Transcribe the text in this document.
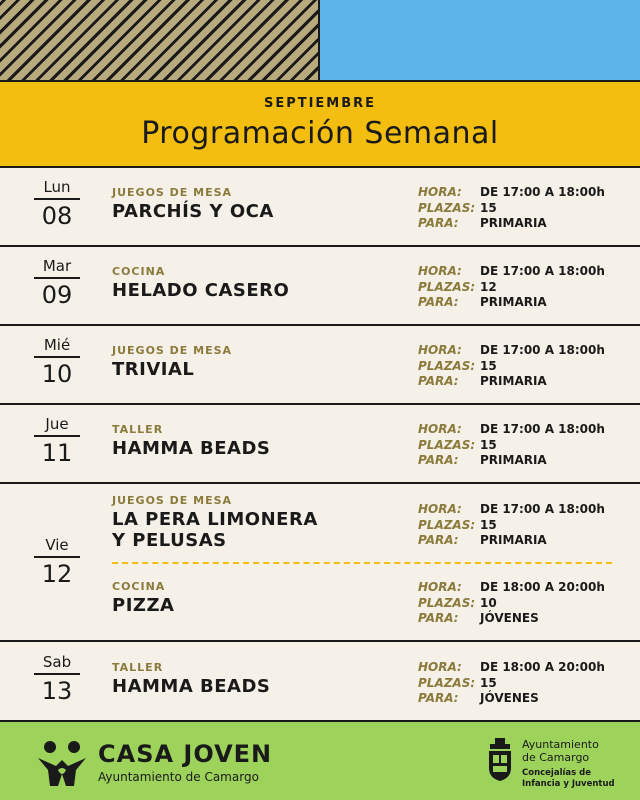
SEPTIEMBRE
Programación Semanal
Lun
08
JUEGOS DE MESA
PARCHÍS Y OCA
HORA: DE 17:00 A 18:00h
PLAZAS: 15
PARA: PRIMARIA
Mar
09
COCINA
HELADO CASERO
HORA: DE 17:00 A 18:00h
PLAZAS: 12
PARA: PRIMARIA
Mié
10
JUEGOS DE MESA
TRIVIAL
HORA: DE 17:00 A 18:00h
PLAZAS: 15
PARA: PRIMARIA
Jue
11
TALLER
HAMMA BEADS
HORA: DE 17:00 A 18:00h
PLAZAS: 15
PARA: PRIMARIA
Vie
12
JUEGOS DE MESA
LA PERA LIMONERA
Y PELUSAS
HORA: DE 17:00 A 18:00h
PLAZAS: 15
PARA: PRIMARIA
COCINA
PIZZA
HORA: DE 18:00 A 20:00h
PLAZAS: 10
PARA: JÓVENES
Sab
13
TALLER
HAMMA BEADS
HORA: DE 18:00 A 20:00h
PLAZAS: 15
PARA: JÓVENES
CASA JOVEN
Ayuntamiento de Camargo
Ayuntamiento
de Camargo
Concejalías de
Infancia y Juventud
